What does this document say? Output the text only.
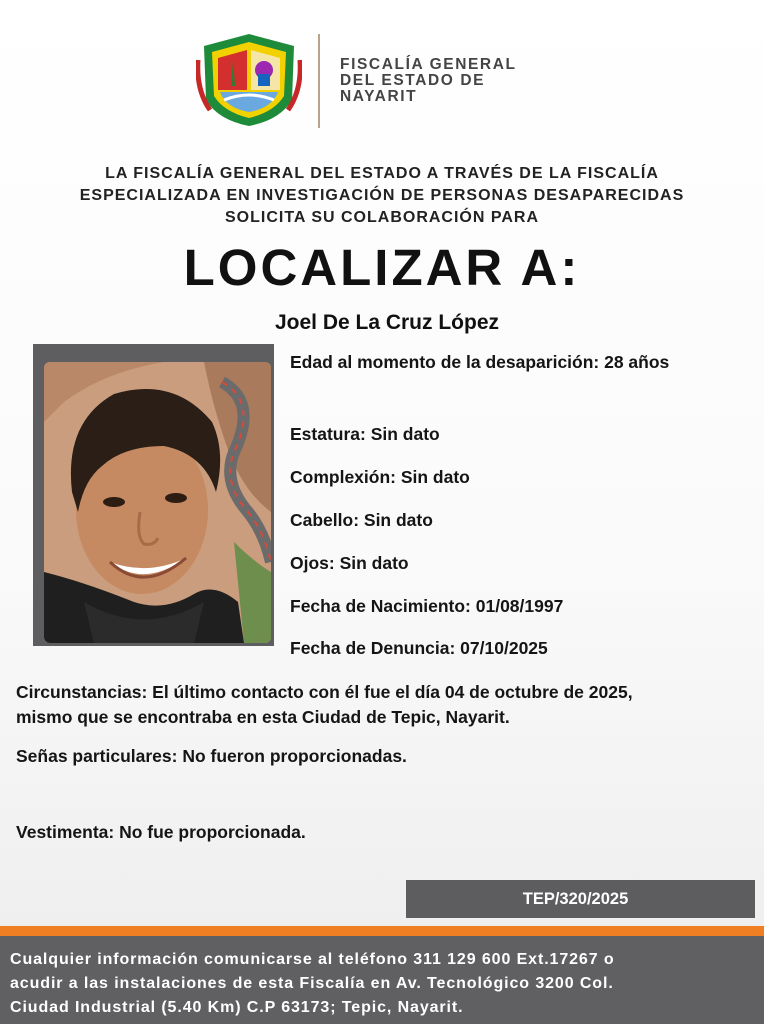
FISCALÍA GENERAL
DEL ESTADO DE
NAYARIT
LA FISCALÍA GENERAL DEL ESTADO A TRAVÉS DE LA FISCALÍA
ESPECIALIZADA EN INVESTIGACIÓN DE PERSONAS DESAPARECIDAS
SOLICITA SU COLABORACIÓN PARA
LOCALIZAR A:
Joel De La Cruz López
Edad al momento de la desaparición: 28 años
Estatura: Sin dato
Complexión: Sin dato
Cabello: Sin dato
Ojos: Sin dato
Fecha de Nacimiento: 01/08/1997
Fecha de Denuncia: 07/10/2025
Circunstancias: El último contacto con él fue el día 04 de octubre de 2025,
mismo que se encontraba en esta Ciudad de Tepic, Nayarit.
Señas particulares: No fueron proporcionadas.
Vestimenta: No fue proporcionada.
TEP/320/2025
Cualquier información comunicarse al teléfono 311 129 600 Ext.17267 o
acudir a las instalaciones de esta Fiscalía en Av. Tecnológico 3200 Col.
Ciudad Industrial (5.40 Km) C.P 63173; Tepic, Nayarit.
